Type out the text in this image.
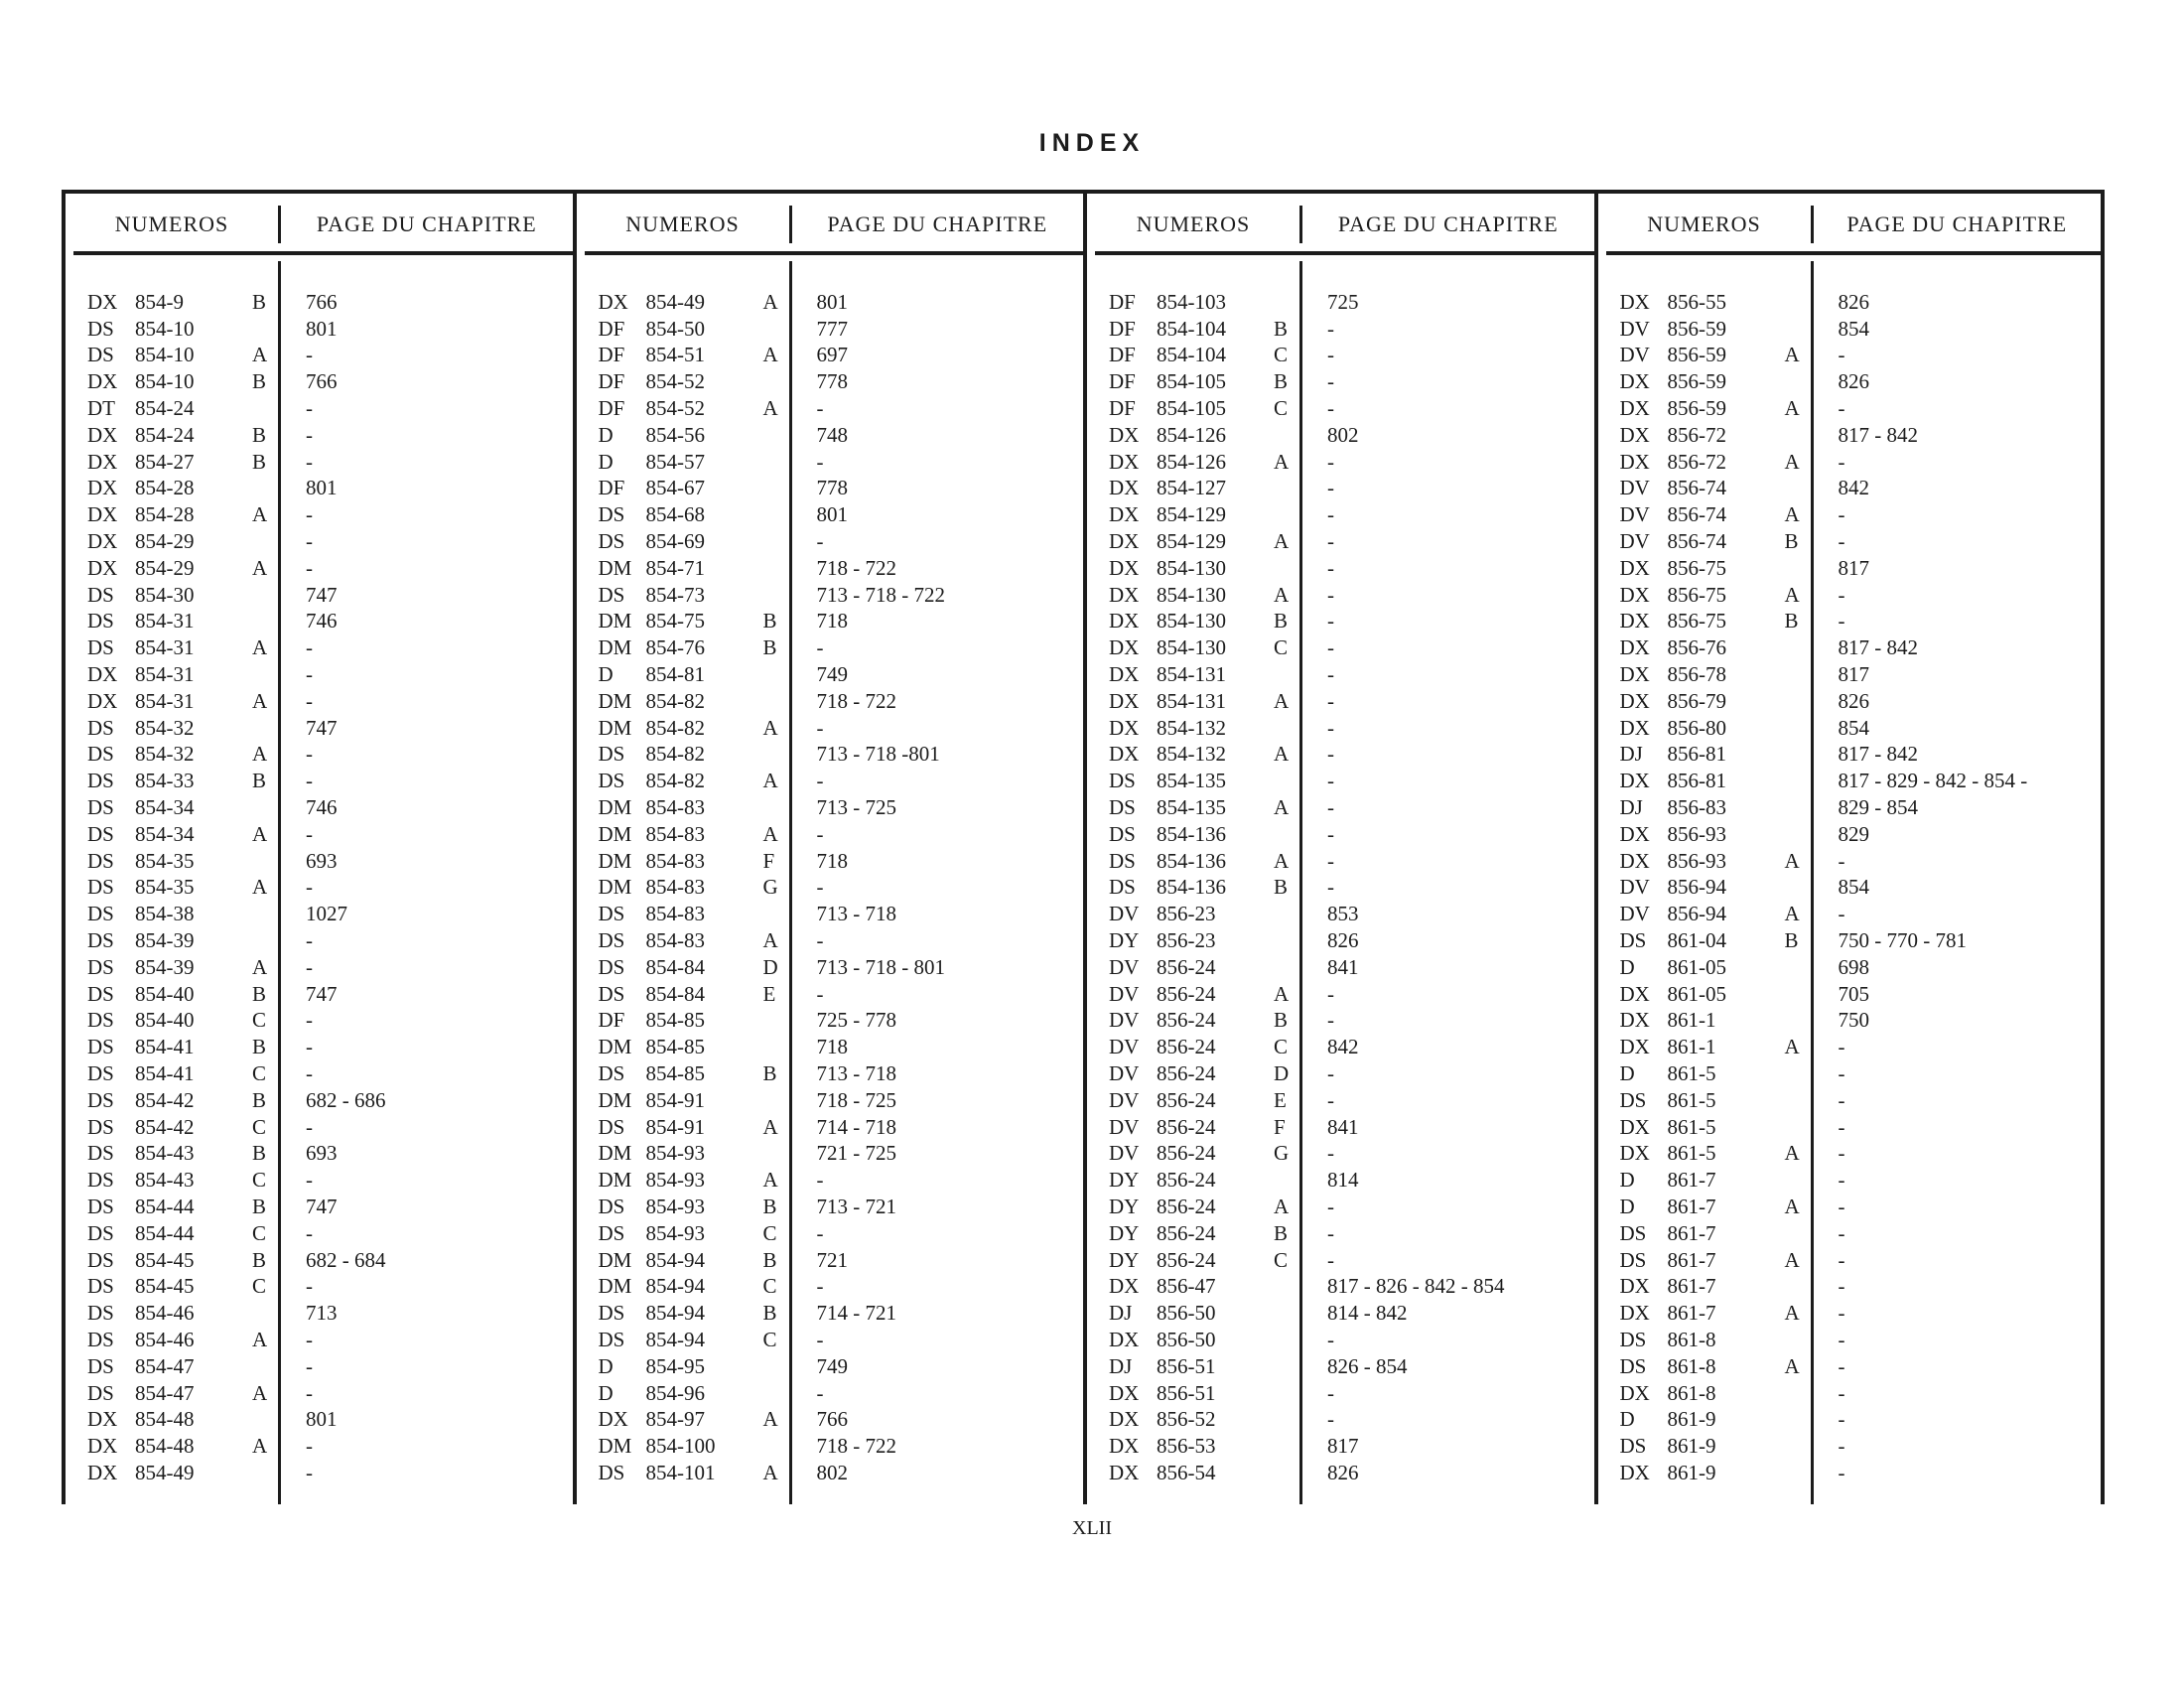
INDEX
NUMEROS	PAGE DU CHAPITRE
DX 854-9	B	766
DS	854-10	801
DS	854-10	A	-
DX 854-10	B	766
DT 854-24	-
DX 854-24	B	-
DX 854-27	B	-
DX 854-28	801
DX 854-28	A	-
DX 854-29	-
DX 854-29	A	-
DS	854-30	747
DS	854-31	746
DS	854-31	A	-
DX 854-31	-
DX 854-31	A	-
DS	854-32	747
DS	854-32	A	-
DS	854-33	B	-
DS	854-34	746
DS	854-34	A	-
DS	854-35	693
DS	854-35	A	-
DS	854-38	1027
DS	854-39	-
DS	854-39	A	-
DS	854-40	B	747
DS	854-40	C	-
DS	854-41	B	-
DS	854-41	C	-
DS	854-42	B	682 - 686
DS	854-42	C	-
DS	854-43	B	693
DS	854-43	C	-
DS	854-44	B	747
DS	854-44	C	-
DS	854-45	B	682 - 684
DS	854-45	C	-
DS	854-46	713
DS	854-46	A	-
DS	854-47	-
DS	854-47	A	-
DX 854-48	801
DX 854-48	A	-
DX 854-49	-
NUMEROS	PAGE DU CHAPITRE
DX 854-49	A	801
DF	854-50	777
DF	854-51	A	697
DF	854-52	778
DF	854-52	A	-
D	854-56	748
D	854-57	-
DF	854-67	778
DS	854-68	801
DS	854-69	-
DM 854-71	718 - 722
DS	854-73	713 - 718 - 722
DM 854-75	B	718
DM 854-76	B	-
D	854-81	749
DM 854-82	718 - 722
DM 854-82	A	-
DS	854-82	713 - 718 -801
DS	854-82	A	-
DM 854-83	713 - 725
DM 854-83	A	-
DM 854-83	F	718
DM 854-83	G	-
DS	854-83	713 - 718
DS	854-83	A	-
DS	854-84	D	713 - 718 - 801
DS	854-84	E	-
DF	854-85	725 - 778
DM 854-85	718
DS	854-85	B	713 - 718
DM 854-91	718 - 725
DS	854-91	A	714 - 718
DM 854-93	721 - 725
DM 854-93	A	-
DS	854-93	B	713 - 721
DS	854-93	C	-
DM 854-94	B	721
DM 854-94	C	-
DS	854-94	B	714 - 721
DS	854-94	C	-
D	854-95	749
D	854-96	-
DX 854-97	A	766
DM 854-100	718 - 722
DS	854-101	A	802
NUMEROS	PAGE DU CHAPITRE
DF	854-103	725
DF	854-104	B	-
DF	854-104	C	-
DF	854-105	B	-
DF	854-105	C	-
DX 854-126	802
DX 854-126	A	-
DX 854-127	-
DX 854-129	-
DX 854-129	A	-
DX 854-130	-
DX 854-130	A	-
DX 854-130	B	-
DX 854-130	C	-
DX 854-131	-
DX 854-131	A	-
DX 854-132	-
DX 854-132	A	-
DS	854-135	-
DS	854-135	A	-
DS	854-136	-
DS	854-136	A	-
DS	854-136	B	-
DV 856-23	853
DY 856-23	826
DV 856-24	841
DV 856-24	A	-
DV 856-24	B	-
DV 856-24	C	842
DV 856-24	D	-
DV 856-24	E	-
DV 856-24	F	841
DV 856-24	G	-
DY 856-24	814
DY 856-24	A	-
DY 856-24	B	-
DY 856-24	C	-
DX 856-47	817 - 826 - 842 - 854
DJ	856-50	814 - 842
DX 856-50	-
DJ	856-51	826 - 854
DX 856-51	-
DX 856-52	-
DX 856-53	817
DX 856-54	826
NUMEROS	PAGE DU CHAPITRE
DX 856-55	826
DV 856-59	854
DV 856-59	A	-
DX 856-59	826
DX 856-59	A	-
DX 856-72	817 - 842
DX 856-72	A	-
DV 856-74	842
DV 856-74	A	-
DV 856-74	B	-
DX 856-75	817
DX 856-75	A	-
DX 856-75	B	-
DX 856-76	817 - 842
DX 856-78	817
DX 856-79	826
DX 856-80	854
DJ	856-81	817 - 842
DX 856-81	817 - 829 - 842 - 854 -
DJ	856-83	829 - 854
DX 856-93	829
DX 856-93	A	-
DV 856-94	854
DV 856-94	A	-
DS	861-04	B	750 - 770 - 781
D	861-05	698
DX 861-05	705
DX 861-1	750
DX 861-1	A	-
D	861-5	-
DS	861-5	-
DX 861-5	-
DX 861-5	A	-
D	861-7	-
D	861-7	A	-
DS	861-7	-
DS	861-7	A	-
DX 861-7	-
DX 861-7	A	-
DS	861-8	-
DS	861-8	A	-
DX 861-8	-
D	861-9	-
DS	861-9	-
DX 861-9	-
XLII
